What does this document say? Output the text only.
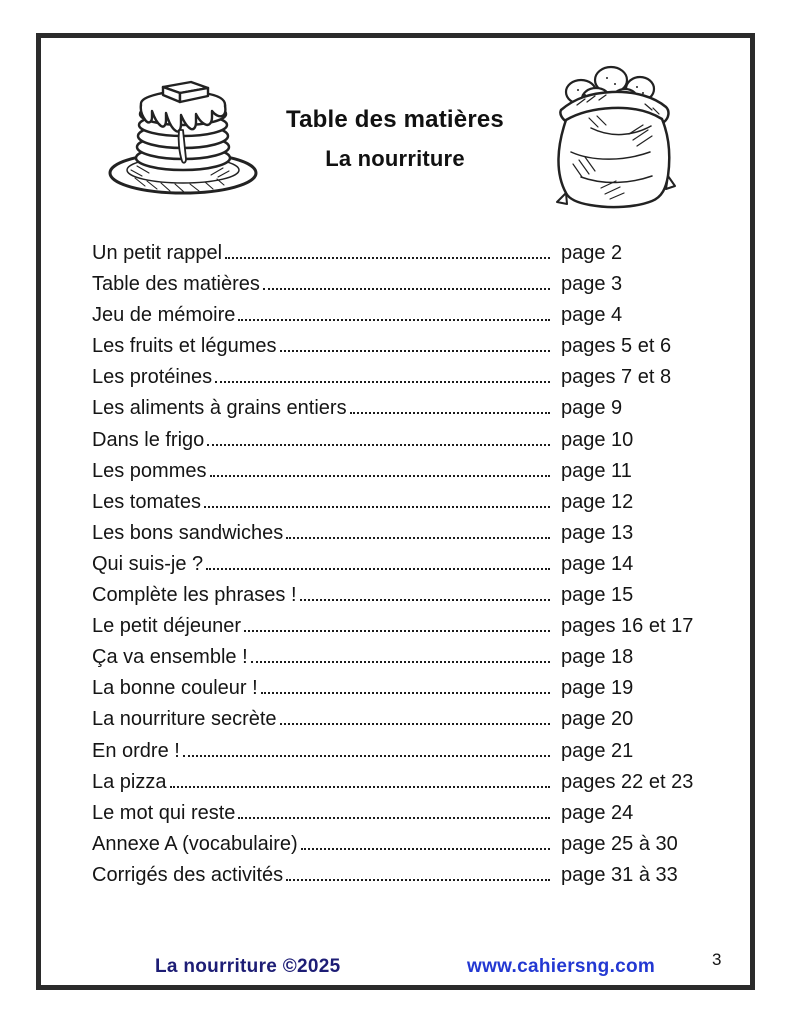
Table des matières
La nourriture
Un petit rappel	page 2
Table des matières	page 3
Jeu de mémoire	page 4
Les fruits et légumes	pages 5 et 6
Les protéines	pages 7 et 8
Les aliments à grains entiers	page 9
Dans le frigo	page 10
Les pommes	page 11
Les tomates	page 12
Les bons sandwiches	page 13
Qui suis-je ?	page 14
Complète les phrases !	page 15
Le petit déjeuner	pages 16 et 17
Ça va ensemble !	page 18
La bonne couleur !	page 19
La nourriture secrète	page 20
En ordre !	page 21
La pizza	pages 22 et 23
Le mot qui reste	page 24
Annexe A (vocabulaire)	page 25 à 30
Corrigés des activités	page 31 à 33
La nourriture ©2025	www.cahiersng.com	3
